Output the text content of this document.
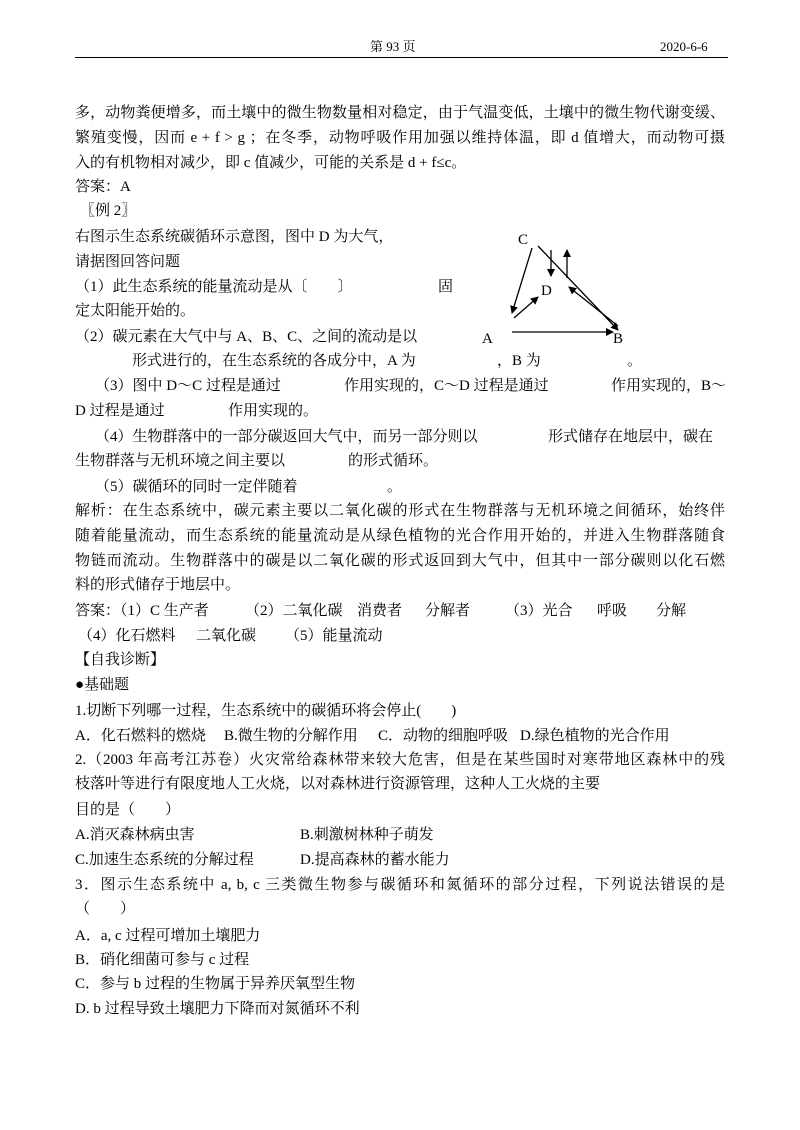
第 93 页	2020-6-6
多，动物粪便增多，而土壤中的微生物数量相对稳定，由于气温变低，土壤中的微生物代谢变缓、
繁殖变慢，因而 e + f > g ；在冬季，动物呼吸作用加强以维持体温，即 d 值增大，而动物可摄
入的有机物相对减少，即 c 值减少，可能的关系是 d + f≤c。
答案：A
〖例 2〗
右图示生态系统碳循环示意图，图中 D 为大气，
请据图回答问题
（1）此生态系统的能量流动是从〔　　〕	固
定太阳能开始的。
（2）碳元素在大气中与 A、B、C、之间的流动是以
形式进行的，在生态系统的各成分中，A 为	，B 为	。
（3）图中 D～C 过程是通过	作用实现的，C～D 过程是通过	作用实现的，B～
D 过程是通过	作用实现的。
（4）生物群落中的一部分碳返回大气中，而另一部分则以	形式储存在地层中，碳在
生物群落与无机环境之间主要以	的形式循环。
（5）碳循环的同时一定伴随着	。
解析：在生态系统中，碳元素主要以二氧化碳的形式在生物群落与无机环境之间循环，始终伴
随着能量流动，而生态系统的能量流动是从绿色植物的光合作用开始的，并进入生物群落随食
物链而流动。生物群落中的碳是以二氧化碳的形式返回到大气中，但其中一部分碳则以化石燃
料的形式储存于地层中。
答案：（1）C 生产者 （2）二氧化碳 消费者 分解者 （3）光合 呼吸 分解
（4）化石燃料 二氧化碳 （5）能量流动
【自我诊断】
●基础题
1.切断下列哪一过程，生态系统中的碳循环将会停止(　　)
A．化石燃料的燃烧 B.微生物的分解作用 C．动物的细胞呼吸 D.绿色植物的光合作用
2.（2003 年高考江苏卷）火灾常给森林带来较大危害，但是在某些国时对寒带地区森林中的残
枝落叶等进行有限度地人工火烧，以对森林进行资源管理，这种人工火烧的主要
目的是（　　）
A.消灭森林病虫害	B.刺激树林种子萌发
C.加速生态系统的分解过程	D.提高森林的蓄水能力
3．图示生态系统中 a, b, c 三类微生物参与碳循环和氮循环的部分过程，下列说法错误的是
（　　）
A．a, c 过程可增加土壤肥力
B．硝化细菌可参与 c 过程
C．参与 b 过程的生物属于异养厌氧型生物
D. b 过程导致土壤肥力下降而对氮循环不利
C
D
A	B
